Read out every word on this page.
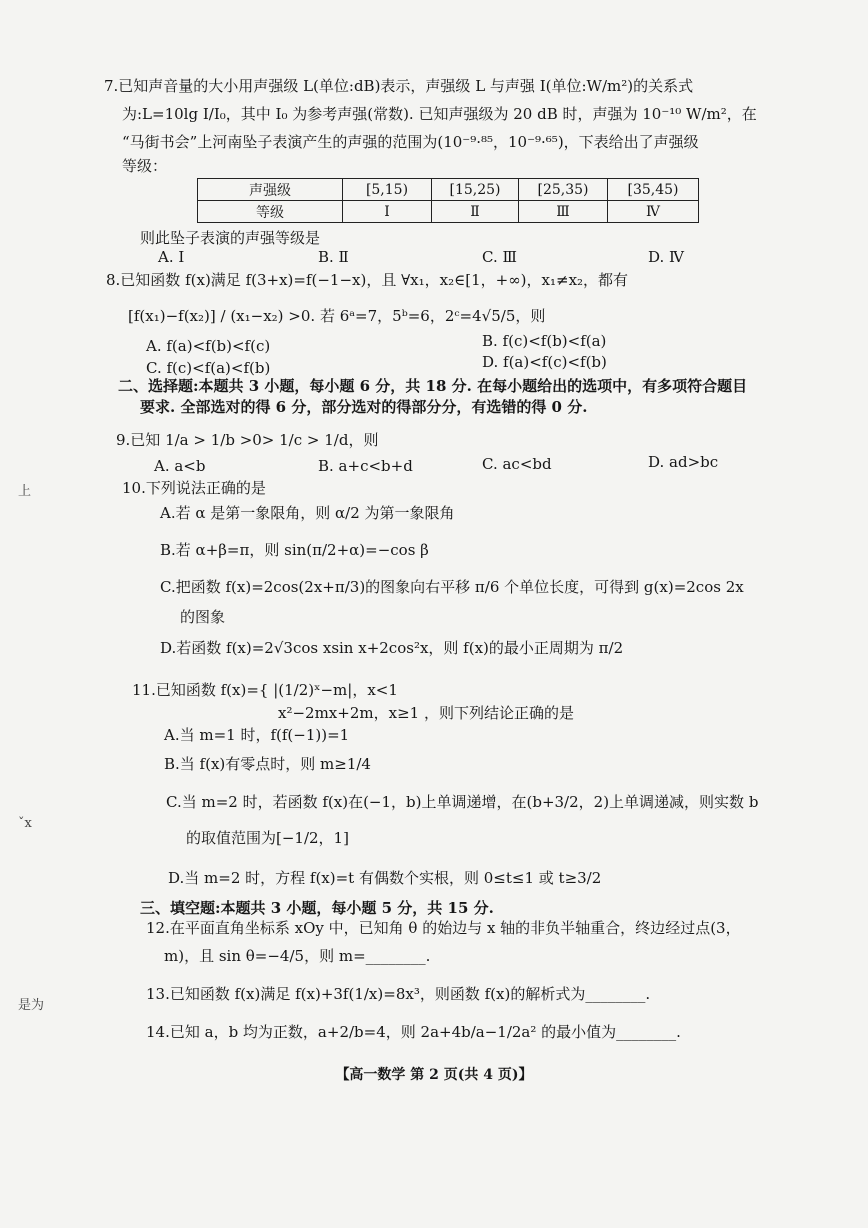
上
ˇx
是为
7.已知声音量的大小用声强级 L(单位:dB)表示，声强级 L 与声强 I(单位:W/m²)的关系式
为:L=10lg I/I₀，其中 I₀ 为参考声强(常数). 已知声强级为 20 dB 时，声强为 10⁻¹⁰ W/m²，在
“马街书会”上河南坠子表演产生的声强的范围为(10⁻⁹·⁸⁵，10⁻⁹·⁶⁵)，下表给出了声强级
等级：
声强级	[5,15)	[15,25)	[25,35)	[35,45)
等级	Ⅰ	Ⅱ	Ⅲ	Ⅳ
则此坠子表演的声强等级是
A. Ⅰ	B. Ⅱ	C. Ⅲ	D. Ⅳ
8.已知函数 f(x)满足 f(3+x)=f(−1−x)，且 ∀x₁，x₂∈[1，+∞)，x₁≠x₂，都有
[f(x₁)−f(x₂)] / (x₁−x₂) >0. 若 6ᵃ=7，5ᵇ=6，2ᶜ=4√5/5，则
A. f(a)<f(b)<f(c)	B. f(c)<f(b)<f(a)
C. f(c)<f(a)<f(b)	D. f(a)<f(c)<f(b)
二、选择题:本题共 3 小题，每小题 6 分，共 18 分. 在每小题给出的选项中，有多项符合题目
要求. 全部选对的得 6 分，部分选对的得部分分，有选错的得 0 分.
9.已知 1/a > 1/b >0> 1/c > 1/d，则
A. a<b	B. a+c<b+d	C. ac<bd	D. ad>bc
10.下列说法正确的是
A.若 α 是第一象限角，则 α/2 为第一象限角
B.若 α+β=π，则 sin(π/2+α)=−cos β
C.把函数 f(x)=2cos(2x+π/3)的图象向右平移 π/6 个单位长度，可得到 g(x)=2cos 2x
的图象
D.若函数 f(x)=2√3cos xsin x+2cos²x，则 f(x)的最小正周期为 π/2
11.已知函数 f(x)={ |(1/2)ˣ−m|，x<1
x²−2mx+2m，x≥1 ，则下列结论正确的是
A.当 m=1 时，f(f(−1))=1
B.当 f(x)有零点时，则 m≥1/4
C.当 m=2 时，若函数 f(x)在(−1，b)上单调递增，在(b+3/2，2)上单调递减，则实数 b
的取值范围为[−1/2，1]
D.当 m=2 时，方程 f(x)=t 有偶数个实根，则 0≤t≤1 或 t≥3/2
三、填空题:本题共 3 小题，每小题 5 分，共 15 分.
12.在平面直角坐标系 xOy 中，已知角 θ 的始边与 x 轴的非负半轴重合，终边经过点(3，
m)，且 sin θ=−4/5，则 m=________.
13.已知函数 f(x)满足 f(x)+3f(1/x)=8x³，则函数 f(x)的解析式为________.
14.已知 a，b 均为正数，a+2/b=4，则 2a+4b/a−1/2a² 的最小值为________.
【高一数学 第 2 页(共 4 页)】
